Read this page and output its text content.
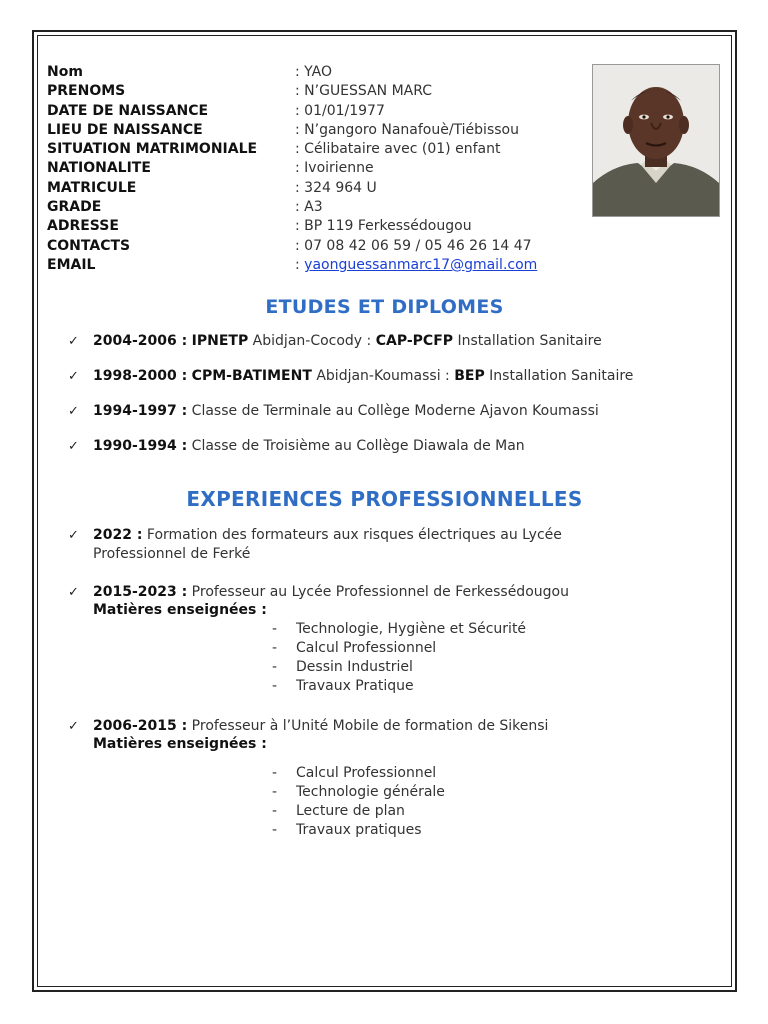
Nom	: YAO
PRENOMS	: N’GUESSAN MARC
DATE DE NAISSANCE	: 01/01/1977
LIEU DE NAISSANCE	: N’gangoro Nanafouè/Tiébissou
SITUATION MATRIMONIALE	: Célibataire avec (01) enfant
NATIONALITE	: Ivoirienne
MATRICULE	: 324 964 U
GRADE	: A3
ADRESSE	: BP 119 Ferkessédougou
CONTACTS	: 07 08 42 06 59 / 05 46 26 14 47
EMAIL	: yaonguessanmarc17@gmail.com
ETUDES ET DIPLOMES
✓ 2004-2006 : IPNETP Abidjan-Cocody : CAP-PCFP Installation Sanitaire
✓ 1998-2000 : CPM-BATIMENT Abidjan-Koumassi : BEP Installation Sanitaire
✓ 1994-1997 : Classe de Terminale au Collège Moderne Ajavon Koumassi
✓ 1990-1994 : Classe de Troisième au Collège Diawala de Man
EXPERIENCES PROFESSIONNELLES
✓ 2022 : Formation des formateurs aux risques électriques au Lycée Professionnel de Ferké
✓ 2015-2023 : Professeur au Lycée Professionnel de Ferkessédougou
Matières enseignées :
- Technologie, Hygiène et Sécurité
- Calcul Professionnel
- Dessin Industriel
- Travaux Pratique
✓ 2006-2015 : Professeur à l’Unité Mobile de formation de Sikensi
Matières enseignées :
- Calcul Professionnel
- Technologie générale
- Lecture de plan
- Travaux pratiques
